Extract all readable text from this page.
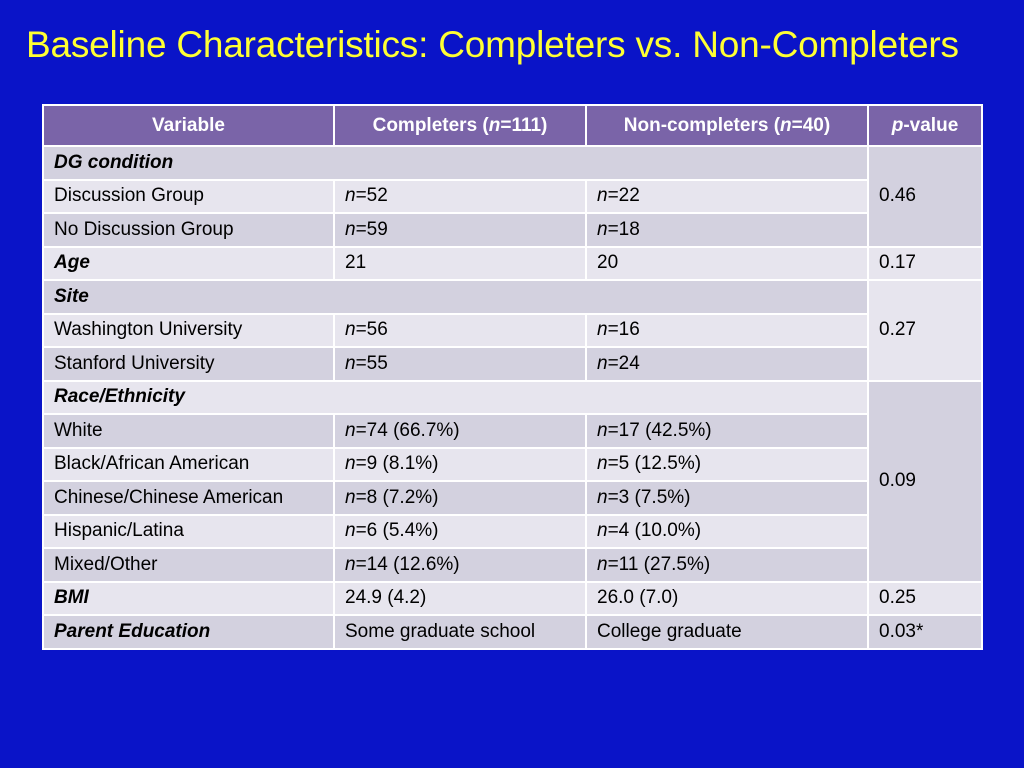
Baseline Characteristics: Completers vs. Non-Completers
Variable	Completers (n=111)	Non-completers (n=40)	p-value
DG condition			0.46
Discussion Group	n=52	n=22	
No Discussion Group	n=59	n=18	
Age	21	20	0.17
Site			0.27
Washington University	n=56	n=16	
Stanford University	n=55	n=24	
Race/Ethnicity			0.09
White	n=74 (66.7%)	n=17 (42.5%)	
Black/African American	n=9 (8.1%)	n=5 (12.5%)	
Chinese/Chinese American	n=8 (7.2%)	n=3 (7.5%)	
Hispanic/Latina	n=6 (5.4%)	n=4 (10.0%)	
Mixed/Other	n=14 (12.6%)	n=11 (27.5%)	
BMI	24.9 (4.2)	26.0 (7.0)	0.25
Parent Education	Some graduate school	College graduate	0.03*
